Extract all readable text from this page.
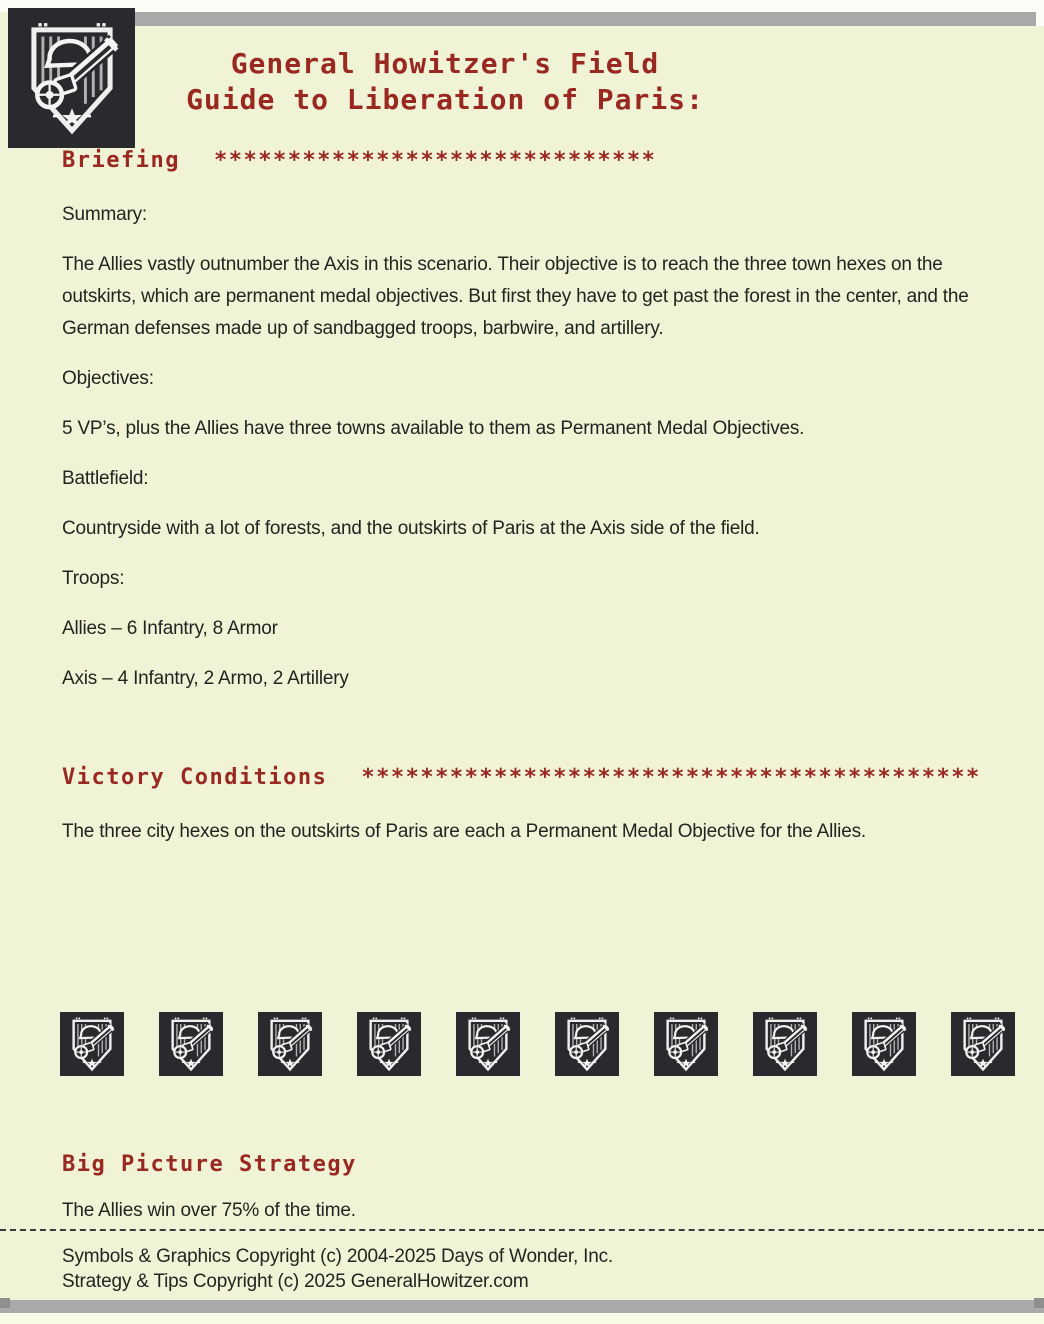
General Howitzer's Field
Guide to Liberation of Paris:
Briefing ******************************

Summary:

The Allies vastly outnumber the Axis in this scenario. Their objective is to reach the three town hexes on the outskirts, which are permanent medal objectives. But first they have to get past the forest in the center, and the German defenses made up of sandbagged troops, barbwire, and artillery.

Objectives:

5 VP’s, plus the Allies have three towns available to them as Permanent Medal Objectives.

Battlefield:

Countryside with a lot of forests, and the outskirts of Paris at the Axis side of the field.

Troops:

Allies – 6 Infantry, 8 Armor

Axis – 4 Infantry, 2 Armo, 2 Artillery

Victory Conditions ******************************************

The three city hexes on the outskirts of Paris are each a Permanent Medal Objective for the Allies.

Big Picture Strategy

The Allies win over 75% of the time.

Symbols & Graphics Copyright (c) 2004-2025 Days of Wonder, Inc.
Strategy & Tips Copyright (c) 2025 GeneralHowitzer.com
